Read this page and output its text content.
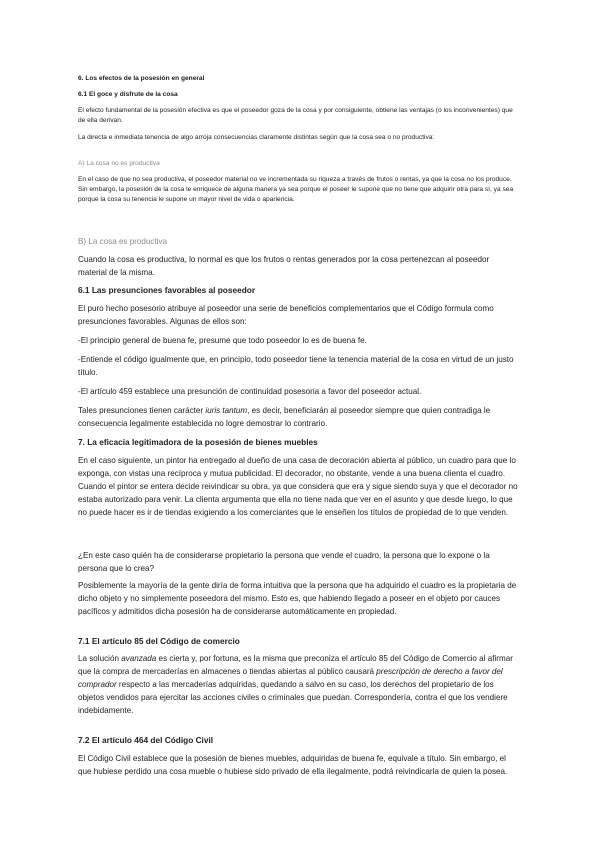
6. Los efectos de la posesión en general

6.1 El goce y disfrute de la cosa

El efecto fundamental de la posesión efectiva es que el poseedor goza de la cosa y por consiguiente, obtiene las ventajas (o los inconvenientes) que de ella derivan.

La directa e inmediata tenencia de algo arroja consecuencias claramente distintas según que la cosa sea o no productiva:

A) La cosa no es productiva

En el caso de que no sea productiva, el poseedor material no ve incrementada su riqueza a través de frutos o rentas, ya que la cosa no los produce. Sin embargo, la posesión de la cosa le enriquece de alguna manera ya sea porque el poseer le supone que no tiene que adquirir otra para sí, ya sea porque la cosa su tenencia le supone un mayor nivel de vida o apariencia.

B) La cosa es productiva

Cuando la cosa es productiva, lo normal es que los frutos o rentas generados por la cosa pertenezcan al poseedor material de la misma.

6.1 Las presunciones favorables al poseedor

El puro hecho posesorio atribuye al poseedor una serie de beneficios complementarios que el Código formula como presunciones favorables. Algunas de ellos son:

-El principio general de buena fe, presume que todo poseedor lo es de buena fe.

-Entiende el código igualmente que, en principio, todo poseedor tiene la tenencia material de la cosa en virtud de un justo título.

-El artículo 459 establece una presunción de continuidad posesoria a favor del poseedor actual.

Tales presunciones tienen carácter iuris tantum, es decir, beneficiarán al poseedor siempre que quien contradiga le consecuencia legalmente establecida no logre demostrar lo contrario.

7. La eficacia legitimadora de la posesión de bienes muebles

En el caso siguiente, un pintor ha entregado al dueño de una casa de decoración abierta al público, un cuadro para que lo exponga, con vistas una recíproca y mutua publicidad. El decorador, no obstante, vende a una buena clienta el cuadro. Cuando el pintor se entera decide reivindicar su obra, ya que considera que era y sigue siendo suya y que el decorador no estaba autorizado para venir. La clienta argumenta que ella no tiene nada que ver en el asunto y que desde luego, lo que no puede hacer es ir de tiendas exigiendo a los comerciantes que le enseñen los títulos de propiedad de lo que venden.

¿En este caso quién ha de considerarse propietario la persona que vende el cuadro, la persona que lo expone o la persona que lo crea?

Posiblemente la mayoría de la gente diría de forma intuitiva que la persona que ha adquirido el cuadro es la propietaria de dicho objeto y no simplemente poseedora del mismo. Esto es, que habiendo llegado a poseer en el objeto por cauces pacíficos y admitidos dicha posesión ha de considerarse automáticamente en propiedad.

7.1 El artículo 85 del Código de comercio

La solución avanzada es cierta y, por fortuna, es la misma que preconiza el artículo 85 del Código de Comercio al afirmar que la compra de mercaderías en almacenes o tiendas abiertas al público causará prescripción de derecho a favor del comprador respecto a las mercaderías adquiridas, quedando a salvo en su caso, los derechos del propietario de los objetos vendidos para ejercitar las acciones civiles o criminales que puedan. Correspondería, contra el que los vendiere indebidamente.

7.2 El artículo 464 del Código Civil

El Código Civil establece que la posesión de bienes muebles, adquiridas de buena fe, equivale a título. Sin embargo, el que hubiese perdido una cosa mueble o hubiese sido privado de ella ilegalmente, podrá reivindicarla de quien la posea.
